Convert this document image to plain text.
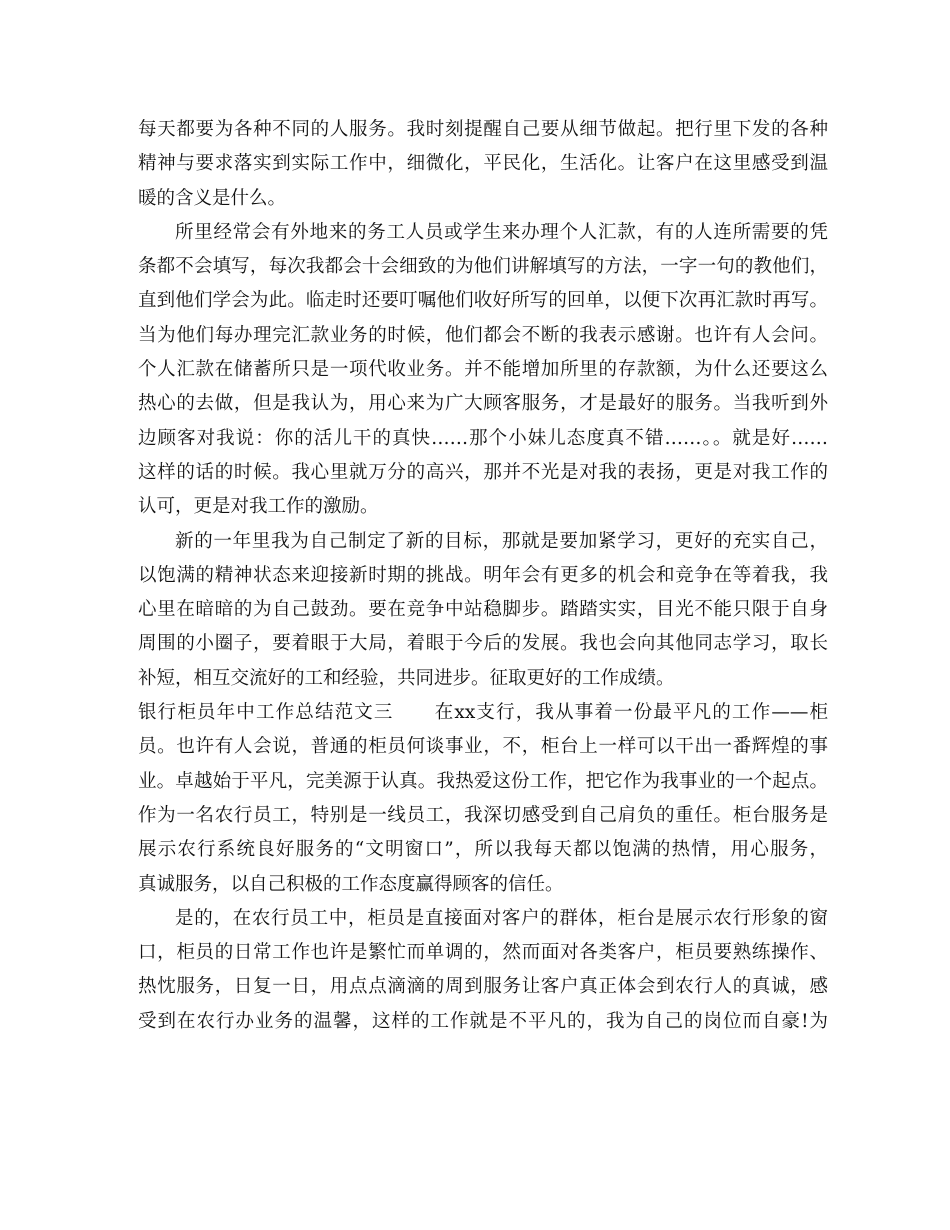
每天都要为各种不同的人服务。我时刻提醒自己要从细节做起。把行里下发的各种
精神与要求落实到实际工作中，细微化，平民化，生活化。让客户在这里感受到温
暖的含义是什么。
所里经常会有外地来的务工人员或学生来办理个人汇款，有的人连所需要的凭
条都不会填写，每次我都会十会细致的为他们讲解填写的方法，一字一句的教他们，
直到他们学会为此。临走时还要叮嘱他们收好所写的回单，以便下次再汇款时再写。
当为他们每办理完汇款业务的时候，他们都会不断的我表示感谢。也许有人会问。
个人汇款在储蓄所只是一项代收业务。并不能增加所里的存款额，为什么还要这么
热心的去做，但是我认为，用心来为广大顾客服务，才是最好的服务。当我听到外
边顾客对我说：你的活儿干的真快……那个小妹儿态度真不错……。。就是好……
这样的话的时候。我心里就万分的高兴，那并不光是对我的表扬，更是对我工作的
认可，更是对我工作的激励。
新的一年里我为自己制定了新的目标，那就是要加紧学习，更好的充实自己，
以饱满的精神状态来迎接新时期的挑战。明年会有更多的机会和竞争在等着我，我
心里在暗暗的为自己鼓劲。要在竞争中站稳脚步。踏踏实实，目光不能只限于自身
周围的小圈子，要着眼于大局，着眼于今后的发展。我也会向其他同志学习，取长
补短，相互交流好的工和经验，共同进步。征取更好的工作成绩。
银行柜员年中工作总结范文三 在xx支行，我从事着一份最平凡的工作——柜
员。也许有人会说，普通的柜员何谈事业，不，柜台上一样可以干出一番辉煌的事
业。卓越始于平凡，完美源于认真。我热爱这份工作，把它作为我事业的一个起点。
作为一名农行员工，特别是一线员工，我深切感受到自己肩负的重任。柜台服务是
展示农行系统良好服务的“文明窗口”，所以我每天都以饱满的热情，用心服务，
真诚服务，以自己积极的工作态度赢得顾客的信任。
是的，在农行员工中，柜员是直接面对客户的群体，柜台是展示农行形象的窗
口，柜员的日常工作也许是繁忙而单调的，然而面对各类客户，柜员要熟练操作、
热忱服务，日复一日，用点点滴滴的周到服务让客户真正体会到农行人的真诚，感
受到在农行办业务的温馨，这样的工作就是不平凡的，我为自己的岗位而自豪!为
